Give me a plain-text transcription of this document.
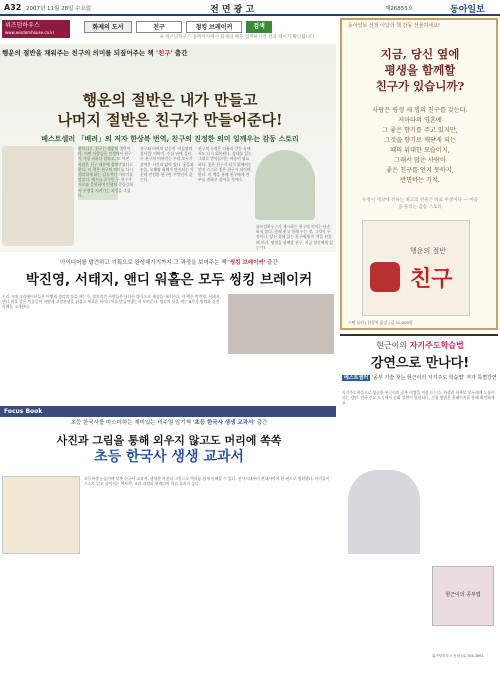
A32 2007년 11월 28일 수요일	전 면 광 고	제26855호	동아일보
위즈덤하우스
www.wisdomhouse.co.kr
화제의 도서	친구	청킹 브레이커	검색
※ 위즈덤하우스 홈페이지에서 화제의 책을 검색하시면 결과 페이지 확인됩니다
행운의 절반을 채워주는 친구의 의미를 되짚어주는 책 '친구' 출간
행운의 절반은 내가 만들고
나머지 절반은 친구가 만들어준다!
베스트셀러 「배려」의 저자 한상복 번역, 친구의 진정한 의미 일깨우는 감동 스토리
한마디로, 친구는 행운의 절반이다. 어떤 사람들은 인생에서 친구가 가장 귀하다 말하고, 또 어떤 사람은 친구 때문에 상처받았다고 한다. 이 책은 친구의 의미를 다시 생각하게 하는 감동적인 이야기를 담았다. 배우를 꿈꾸던 두 친구가 서로를 응원하며 인생의 갈림길에서 우정을 지켜가는 과정을 그렸다.
진구와 비어의 감동적 '아들딸의 불사법' 이야기. 수십 년에 걸친 두 친구의 이야기는 우리 모두가 겪어온 시간과 닮아 있다. 웃음과 눈물, 오해와 화해가 반복되는 가운데 진정한 친구란 무엇인지 묻는다.
친구의 우정은 다툼과 갈등 속에서도 다시 회복된다. 상대를 있는 그대로 받아들이는 마음이 필요하다. 좋은 친구가 되기 위해서는 먼저 스스로 좋은 친구가 되어야 한다. 이 책을 통해 친구에게 안부를 전하고 싶어질 것이다.
위즈덤하우스가 제시하는 친구의 의미는 단순하지 않다. 함께 웃고 함께 우는 것, 그것이 우정이다. 당신 곁에 있는 친구에게 이 책을 선물해 보라. 평생을 함께할 친구, 지금 당신에게 있는가?
동아일보 선정 이달의 책 감동 선물하세요!
지금, 당신 옆에
평생을 함께할
친구가 있습니까?
사람은 평생 세 명의 친구를 갖는다.
저마다의 영혼에
그 좋은 향기를 주고 있지만,
그것을 향기로 깨닫게 되는
때의 위대한 모습이지,
그래서 많은 사람이
좋은 친구를 얻지 못하지,
반면하는 기적.
우정이 세상에 전하는 최고의 선물은 바로 우정이다 — 마음을 울리는 감동 스토리
행운의 절반
친구
스탠 툴러 | 한상복 옮김 | 값 10,000원
아이디어를 발견하고 기획으로 완성해가기까지 그 과정을 보여주는 책 '씽킹 브레이커' 출간
박진영, 서태지, 앤디 워홀은 모두 씽킹 브레이커
우리 시대 크리에이터들은 어떻게 생각의 틀을 깨는가. 창의적인 사람들은 남다른 방식으로 세상을 바라본다. 이 책은 박진영, 서태지, 앤디 워홀 같은 인물들이 어떻게 고정관념을 뒤집고 새로운 아이디어를 만들어냈는지 보여준다. 생각의 틀을 깨는 8가지 방법과 실전 사례를 소개한다.
현근이의 자기주도학습법
강연으로 만나다!
베스트셀러 '공부 기술 찾는 현근이의 자기주도 학습법' 저자 특별강연
자기주도학습으로 성공한 현근이의 공부 비법을 직접 듣는다. 학생과 학부모 모두에게 도움이 되는 강연. 전국 주요 도시에서 순회 강연이 열립니다. 신청 방법은 홈페이지를 통해 확인하세요.
현근이의 공부법
위즈덤하우스 문의 02-704-3861
Focus Book
초등 한국사를 마스터하는 재미있는 비주얼 암기책 '초등 한국사 생생 교과서' 출간
사진과 그림을 통해 외우지 않고도 머리에 쏙쏙
초등 한국사 생생 교과서
초등학생 눈높이에 맞춘 한국사 교과서. 생생한 사진과 그림으로 역사를 쉽게 이해할 수 있다. 선사시대부터 현대사까지 한 권으로 정리했다. 아이들이 스스로 읽고 싶어지는 역사책, 교과 과정과 연계되어 학습 효과가 높다.
